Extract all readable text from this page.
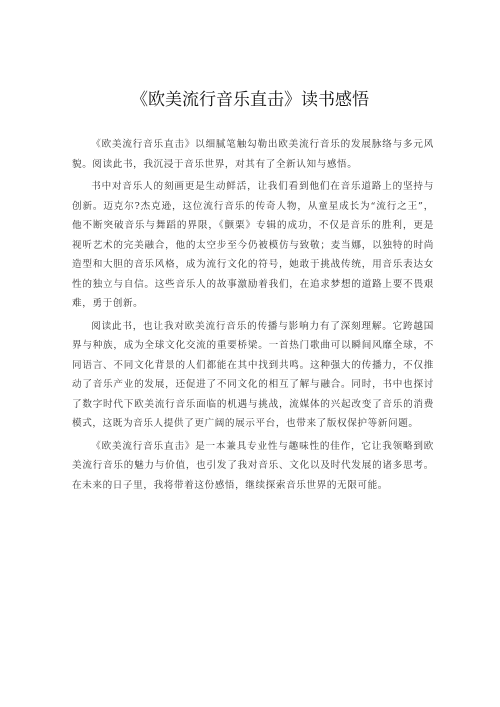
《欧美流行音乐直击》读书感悟

《欧美流行音乐直击》以细腻笔触勾勒出欧美流行音乐的发展脉络与多元风貌。阅读此书，我沉浸于音乐世界，对其有了全新认知与感悟。

书中对音乐人的刻画更是生动鲜活，让我们看到他们在音乐道路上的坚持与创新。迈克尔?杰克逊，这位流行音乐的传奇人物，从童星成长为“流行之王”，他不断突破音乐与舞蹈的界限，《颤栗》专辑的成功，不仅是音乐的胜利，更是视听艺术的完美融合，他的太空步至今仍被模仿与致敬；麦当娜，以独特的时尚造型和大胆的音乐风格，成为流行文化的符号，她敢于挑战传统，用音乐表达女性的独立与自信。这些音乐人的故事激励着我们，在追求梦想的道路上要不畏艰难，勇于创新。

阅读此书，也让我对欧美流行音乐的传播与影响力有了深刻理解。它跨越国界与种族，成为全球文化交流的重要桥梁。一首热门歌曲可以瞬间风靡全球，不同语言、不同文化背景的人们都能在其中找到共鸣。这种强大的传播力，不仅推动了音乐产业的发展，还促进了不同文化的相互了解与融合。同时，书中也探讨了数字时代下欧美流行音乐面临的机遇与挑战，流媒体的兴起改变了音乐的消费模式，这既为音乐人提供了更广阔的展示平台，也带来了版权保护等新问题。

《欧美流行音乐直击》是一本兼具专业性与趣味性的佳作，它让我领略到欧美流行音乐的魅力与价值，也引发了我对音乐、文化以及时代发展的诸多思考。在未来的日子里，我将带着这份感悟，继续探索音乐世界的无限可能。
